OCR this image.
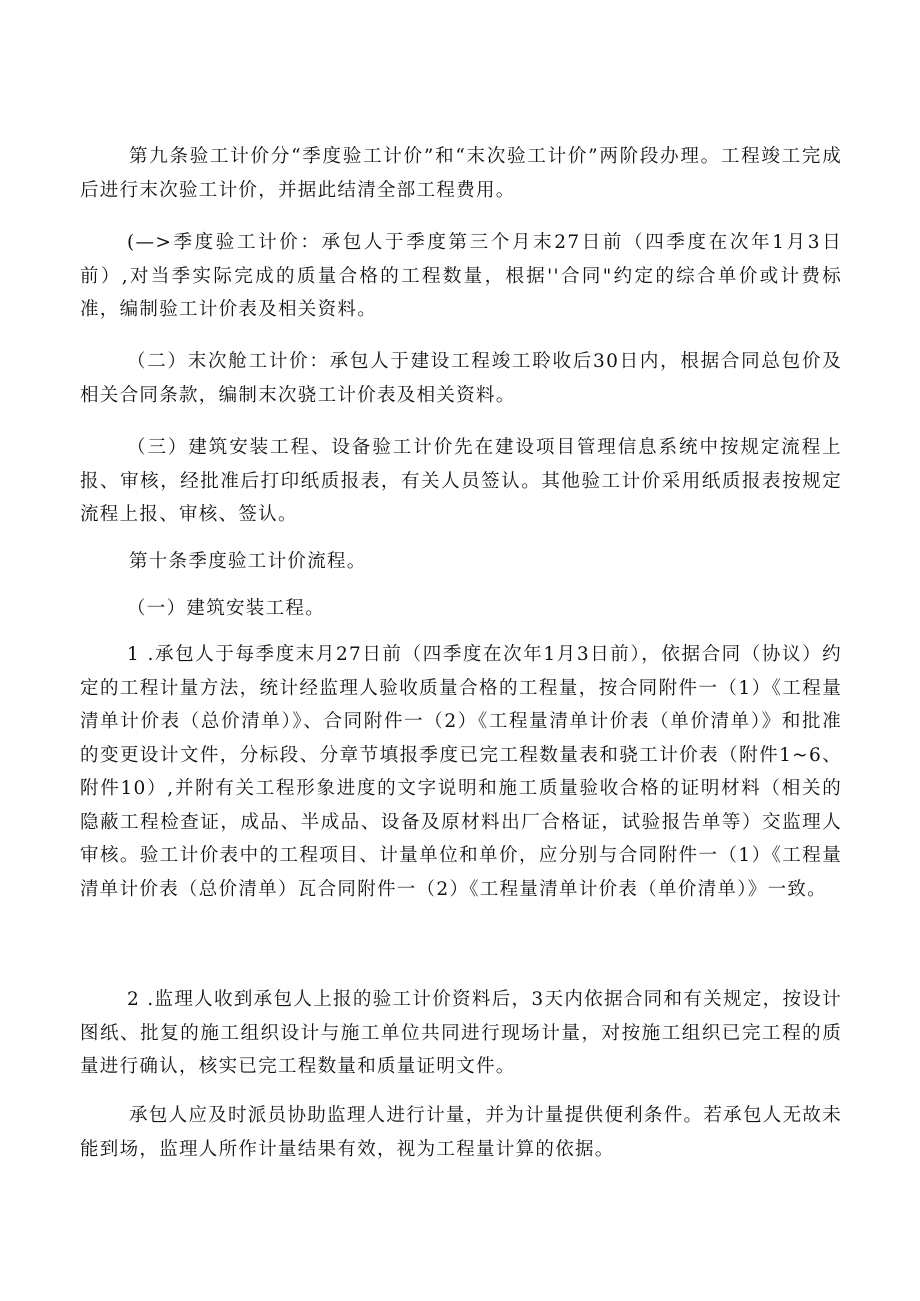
第九条验工计价分“季度验工计价”和“末次验工计价”两阶段办理。工程竣工完成后进行末次验工计价，并据此结清全部工程费用。

(—>季度验工计价：承包人于季度第三个月末27日前（四季度在次年1月3日前）,对当季实际完成的质量合格的工程数量，根据''合同"约定的综合单价或计费标准，编制验工计价表及相关资料。

（二）末次舱工计价：承包人于建设工程竣工聆收后30日内，根据合同总包价及相关合同条款，编制末次骁工计价表及相关资料。

（三）建筑安装工程、设备验工计价先在建设项目管理信息系统中按规定流程上报、审核，经批准后打印纸质报表，有关人员签认。其他验工计价采用纸质报表按规定流程上报、审核、签认。

第十条季度验工计价流程。

（一）建筑安装工程。

1 .承包人于每季度末月27日前（四季度在次年1月3日前），依据合同（协议）约定的工程计量方法，统计经监理人验收质量合格的工程量，按合同附件一（1）《工程量清单计价表（总价清单）》、合同附件一（2）《工程量清单计价表（单价清单）》和批准的变更设计文件，分标段、分章节填报季度已完工程数量表和骁工计价表（附件1~6、附件10）,并附有关工程形象进度的文字说明和施工质量验收合格的证明材料（相关的隐蔽工程检查证，成品、半成品、设备及原材料出厂合格证，试验报告单等）交监理人审核。验工计价表中的工程项目、计量单位和单价，应分别与合同附件一（1）《工程量清单计价表（总价清单）瓦合同附件一（2）《工程量清单计价表（单价清单）》一致。

2 .监理人收到承包人上报的验工计价资料后，3天内依据合同和有关规定，按设计图纸、批复的施工组织设计与施工单位共同进行现场计量，对按施工组织已完工程的质量进行确认，核实已完工程数量和质量证明文件。

承包人应及时派员协助监理人进行计量，并为计量提供便利条件。若承包人无故未能到场，监理人所作计量结果有效，视为工程量计算的依据。
